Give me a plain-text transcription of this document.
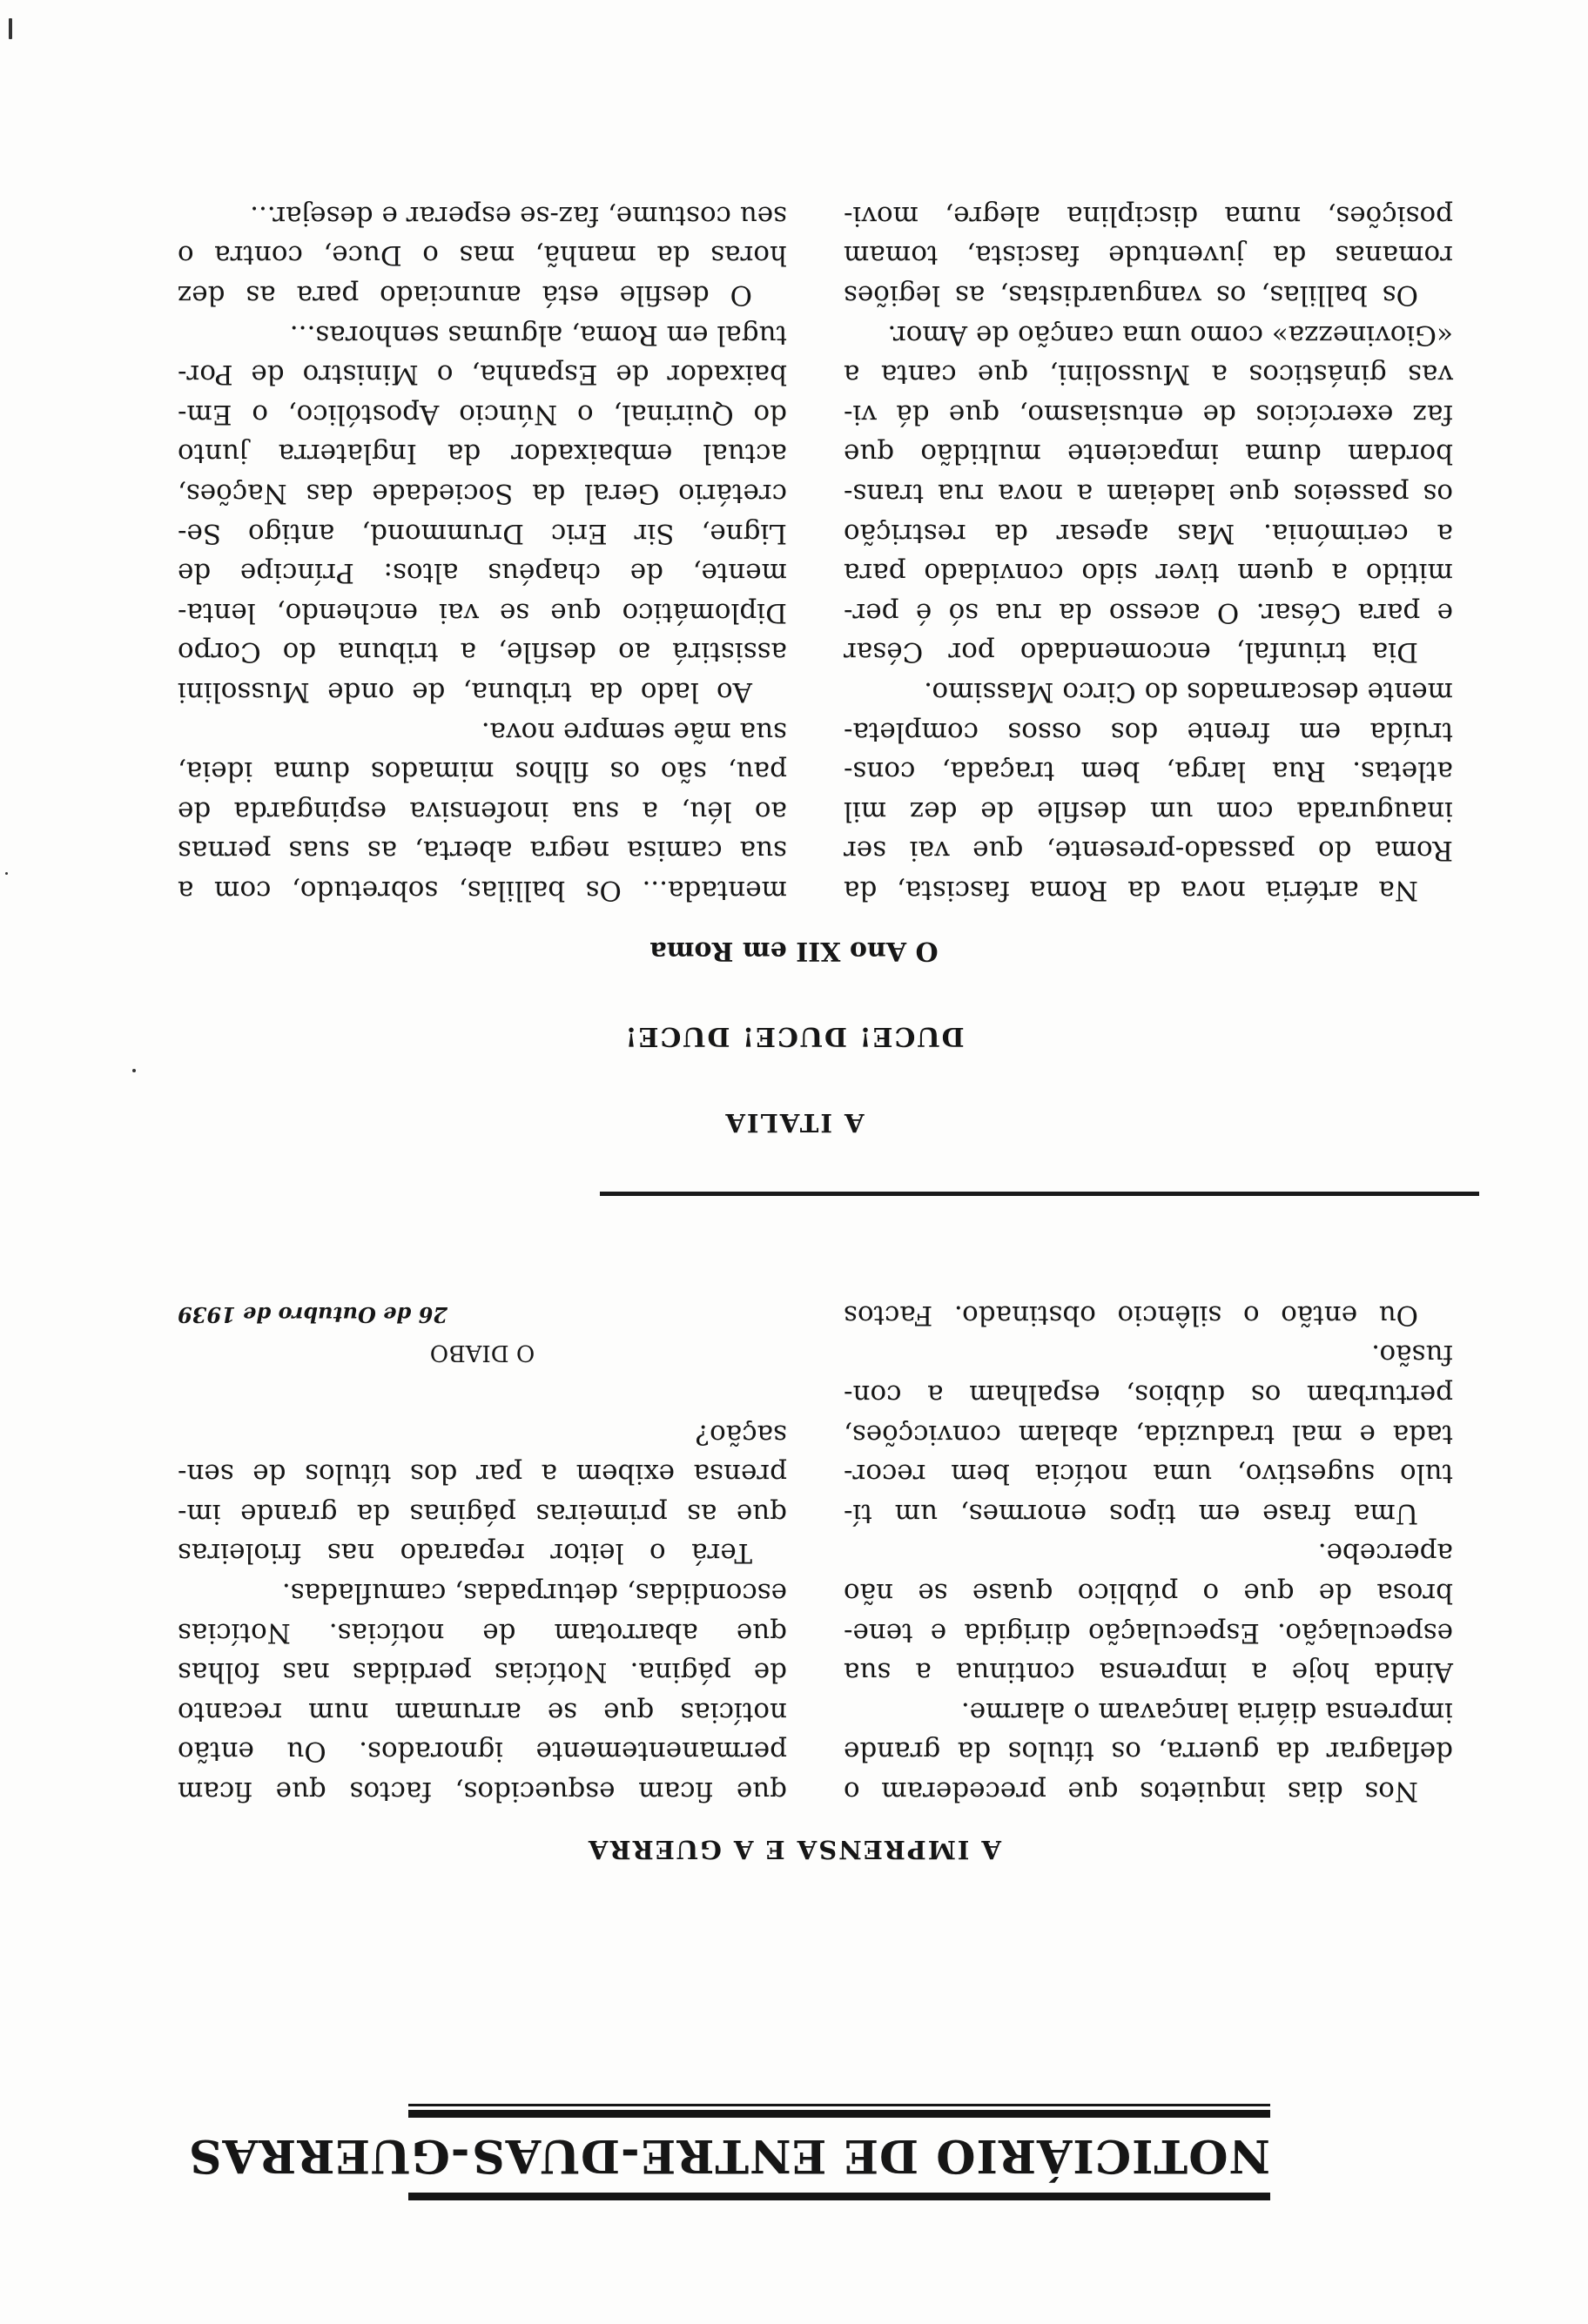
NOTICIÁRIO DE ENTRE-DUAS-GUERRAS
A IMPRENSA E A GUERRA
Nos dias inquietos que precederam o
deflagrar da guerra, os títulos da grande
imprensa diária lançavam o alarme.
Ainda hoje a imprensa continua a sua
especulação. Especulação dirigida e tene-
brosa de que o público quase se não
apercebe.
Uma frase em tipos enormes, um tí-
tulo sugestivo, uma notícia bem recor-
tada e mal traduzida, abalam convicções,
perturbam os dúbios, espalham a con-
fusão.
Ou então o silêncio obstinado. Factos
que ficam esquecidos, factos que ficam
permanentemente ignorados. Ou então
notícias que se arrumam num recanto
de página. Notícias perdidas nas folhas
que abarrotam de notícias. Notícias
escondidas, deturpadas, camufladas.
Terá o leitor reparado nas frioleiras
que as primeiras páginas da grande im-
prensa exibem a par dos títulos de sen-
sação?
O DIABO
26 de Outubro de 1939
A ITALIA
DUCE! DUCE! DUCE!
O Ano XII em Roma
Na artéria nova da Roma fascista, da
Roma do passado-presente, que vai ser
inaugurada com um desfile de dez mil
atletas. Rua larga, bem traçada, cons-
truída em frente dos ossos completa-
mente descarnados do Circo Massimo.
Dia triunfal, encomendado por César
e para César. O acesso da rua só é per-
mitido a quem tiver sido convidado para
a cerimónia. Mas apesar da restrição
os passeios que ladeiam a nova rua trans-
bordam duma impaciente multidão que
faz exercícios de entusiasmo, que dá vi-
vas ginásticos a Mussolini, que canta a
«Giovinezza» como uma canção de Amor.
Os ballilas, os vanguardistas, as legiões
romanas da juventude fascista, tomam
posições, numa disciplina alegre, movi-
mentada... Os ballilas, sobretudo, com a
sua camisa negra aberta, as suas pernas
ao léu, a sua inofensiva espingarda de
pau, são os filhos mimados duma ideia,
sua mãe sempre nova.
Ao lado da tribuna, de onde Mussolini
assistirá ao desfile, a tribuna do Corpo
Diplomático que se vai enchendo, lenta-
mente, de chapéus altos: Príncipe de
Ligne, Sir Eric Drummond, antigo Se-
cretário Geral da Sociedade das Nações,
actual embaixador da Inglaterra junto
do Quirinal, o Núncio Apostólico, o Em-
baixador de Espanha, o Ministro de Por-
tugal em Roma, algumas senhoras...
O desfile está anunciado para as dez
horas da manhã, mas o Duce, contra o
seu costume, faz-se esperar e desejar...
